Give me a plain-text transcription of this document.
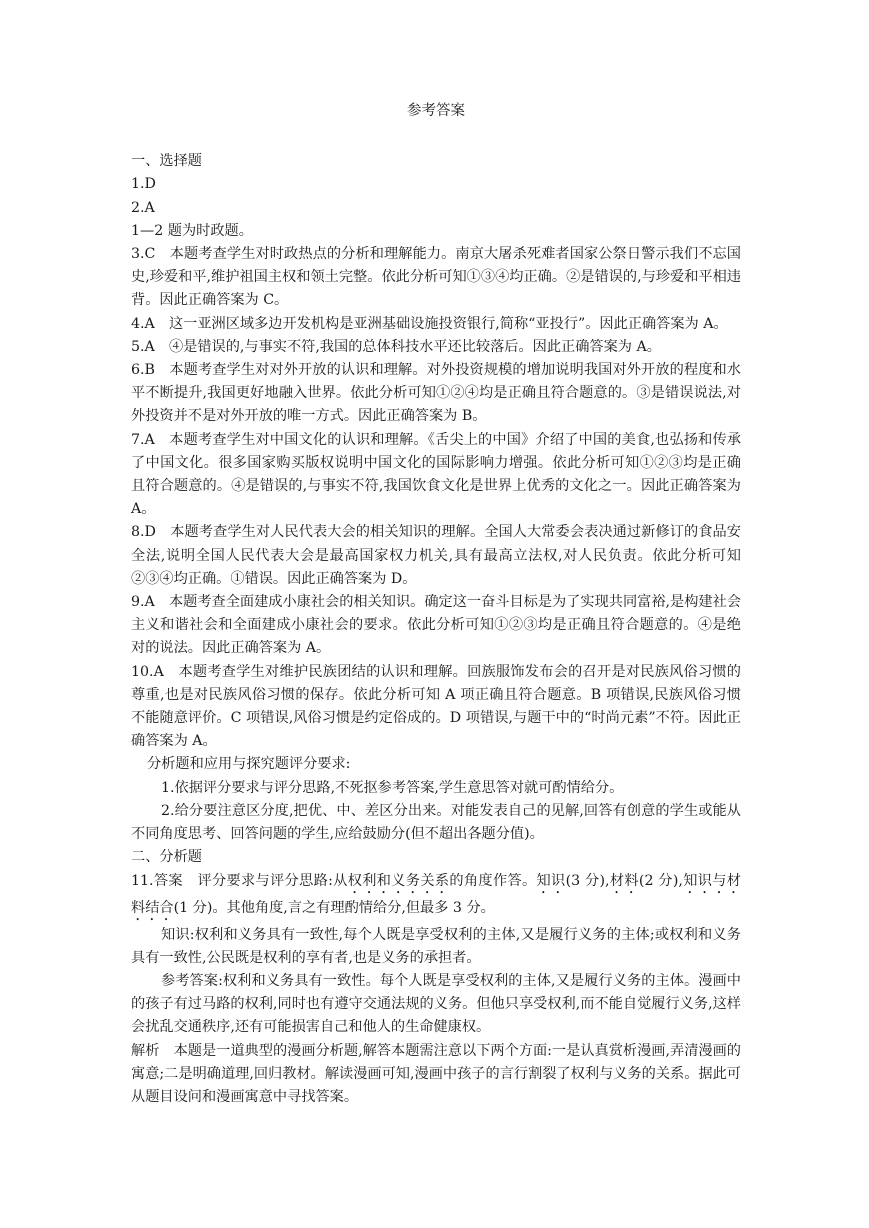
参考答案

一、选择题

1.D

2.A

1—2 题为时政题。

3.C　本题考查学生对时政热点的分析和理解能力。南京大屠杀死难者国家公祭日警示我们不忘国史,珍爱和平,维护祖国主权和领土完整。依此分析可知①③④均正确。②是错误的,与珍爱和平相违背。因此正确答案为 C。

4.A　这一亚洲区域多边开发机构是亚洲基础设施投资银行,简称“亚投行”。因此正确答案为 A。

5.A　④是错误的,与事实不符,我国的总体科技水平还比较落后。因此正确答案为 A。

6.B　本题考查学生对对外开放的认识和理解。对外投资规模的增加说明我国对外开放的程度和水平不断提升,我国更好地融入世界。依此分析可知①②④均是正确且符合题意的。③是错误说法,对外投资并不是对外开放的唯一方式。因此正确答案为 B。

7.A　本题考查学生对中国文化的认识和理解。《舌尖上的中国》介绍了中国的美食,也弘扬和传承了中国文化。很多国家购买版权说明中国文化的国际影响力增强。依此分析可知①②③均是正确且符合题意的。④是错误的,与事实不符,我国饮食文化是世界上优秀的文化之一。因此正确答案为 A。

8.D　本题考查学生对人民代表大会的相关知识的理解。全国人大常委会表决通过新修订的食品安全法,说明全国人民代表大会是最高国家权力机关,具有最高立法权,对人民负责。依此分析可知②③④均正确。①错误。因此正确答案为 D。

9.A　本题考查全面建成小康社会的相关知识。确定这一奋斗目标是为了实现共同富裕,是构建社会主义和谐社会和全面建成小康社会的要求。依此分析可知①②③均是正确且符合题意的。④是绝对的说法。因此正确答案为 A。

10.A　本题考查学生对维护民族团结的认识和理解。回族服饰发布会的召开是对民族风俗习惯的尊重,也是对民族风俗习惯的保存。依此分析可知 A 项正确且符合题意。B 项错误,民族风俗习惯不能随意评价。C 项错误,风俗习惯是约定俗成的。D 项错误,与题干中的“时尚元素”不符。因此正确答案为 A。

分析题和应用与探究题评分要求:

1.依据评分要求与评分思路,不死抠参考答案,学生意思答对就可酌情给分。

2.给分要注意区分度,把优、中、差区分出来。对能发表自己的见解,回答有创意的学生或能从不同角度思考、回答问题的学生,应给鼓励分(但不超出各题分值)。

二、分析题

11.答案　评分要求与评分思路:从权利和义务关系的角度作答。知识(3 分),材料(2 分),知识与材料结合(1 分)。其他角度,言之有理酌情给分,但最多 3 分。

知识:权利和义务具有一致性,每个人既是享受权利的主体,又是履行义务的主体;或权利和义务具有一致性,公民既是权利的享有者,也是义务的承担者。

参考答案:权利和义务具有一致性。每个人既是享受权利的主体,又是履行义务的主体。漫画中的孩子有过马路的权利,同时也有遵守交通法规的义务。但他只享受权利,而不能自觉履行义务,这样会扰乱交通秩序,还有可能损害自己和他人的生命健康权。

解析　本题是一道典型的漫画分析题,解答本题需注意以下两个方面:一是认真赏析漫画,弄清漫画的寓意;二是明确道理,回归教材。解读漫画可知,漫画中孩子的言行割裂了权利与义务的关系。据此可从题目设问和漫画寓意中寻找答案。
